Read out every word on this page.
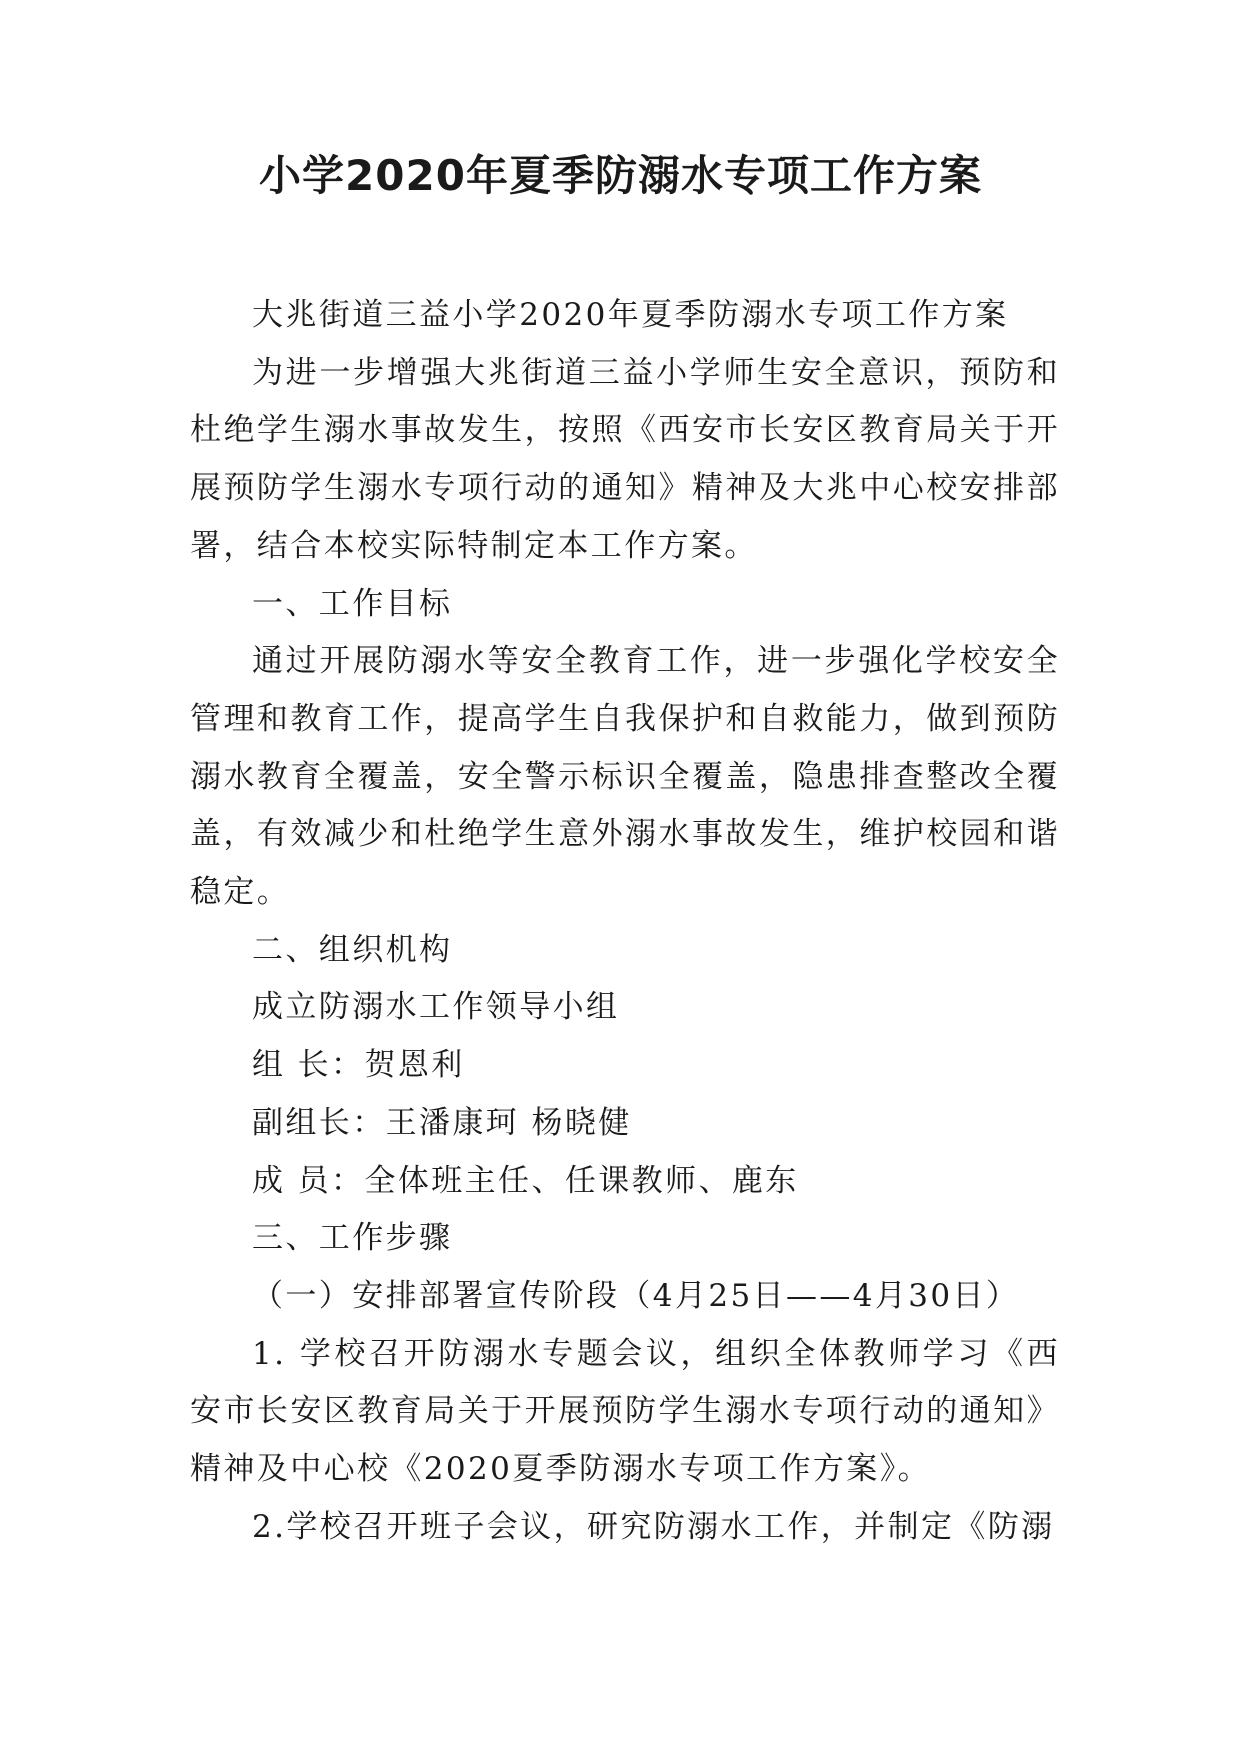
小学2020年夏季防溺水专项工作方案

大兆街道三益小学2020年夏季防溺水专项工作方案

为进一步增强大兆街道三益小学师生安全意识，预防和杜绝学生溺水事故发生，按照《西安市长安区教育局关于开展预防学生溺水专项行动的通知》精神及大兆中心校安排部署，结合本校实际特制定本工作方案。

一、工作目标

通过开展防溺水等安全教育工作，进一步强化学校安全管理和教育工作，提高学生自我保护和自救能力，做到预防溺水教育全覆盖，安全警示标识全覆盖，隐患排查整改全覆盖，有效减少和杜绝学生意外溺水事故发生，维护校园和谐稳定。

二、组织机构

成立防溺水工作领导小组

组 长：贺恩利

副组长：王潘康珂 杨晓健

成 员：全体班主任、任课教师、鹿东

三、工作步骤

（一）安排部署宣传阶段（4月25日——4月30日）

1. 学校召开防溺水专题会议，组织全体教师学习《西安市长安区教育局关于开展预防学生溺水专项行动的通知》精神及中心校《2020夏季防溺水专项工作方案》。

2.学校召开班子会议，研究防溺水工作，并制定《防溺
